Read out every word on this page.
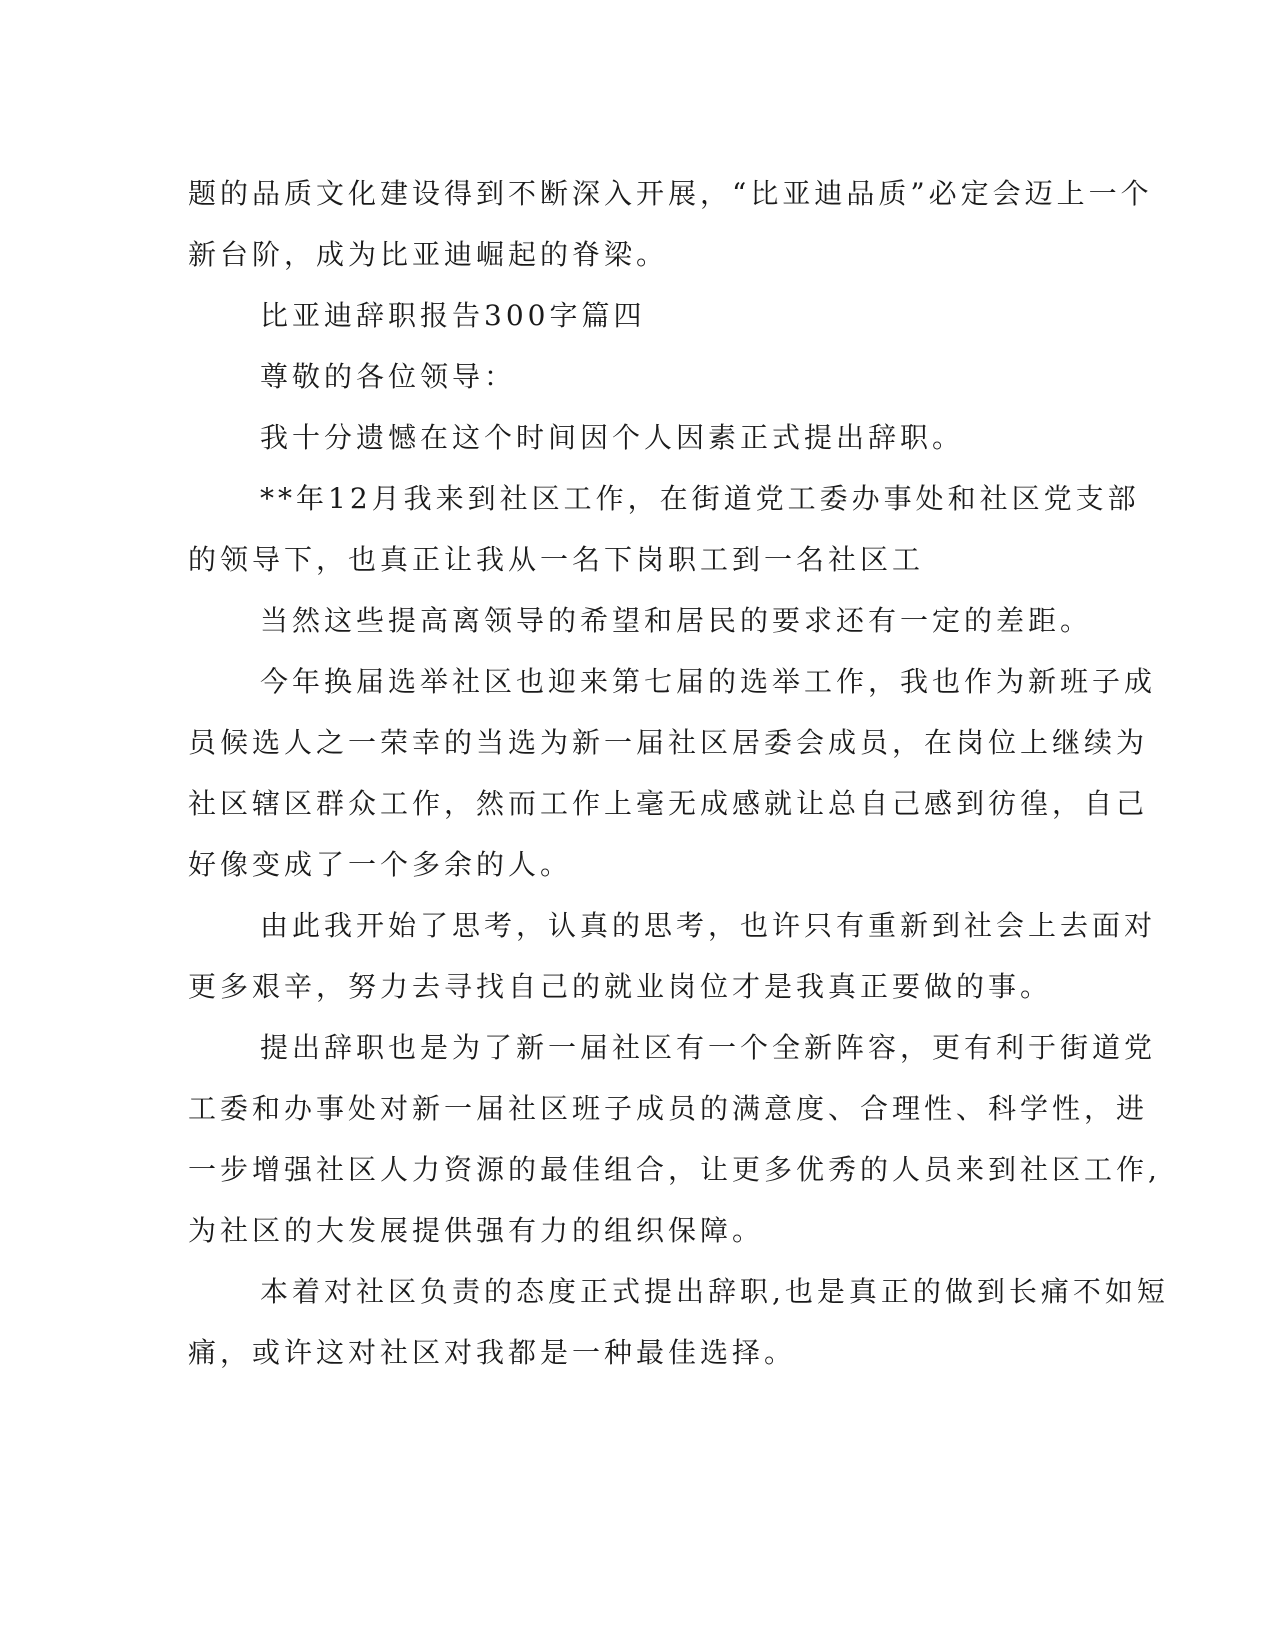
题的品质文化建设得到不断深入开展，“比亚迪品质”必定会迈上一个
新台阶，成为比亚迪崛起的脊梁。
比亚迪辞职报告300字篇四
尊敬的各位领导：
我十分遗憾在这个时间因个人因素正式提出辞职。
**年12月我来到社区工作，在街道党工委办事处和社区党支部
的领导下，也真正让我从一名下岗职工到一名社区工
当然这些提高离领导的希望和居民的要求还有一定的差距。
今年换届选举社区也迎来第七届的选举工作，我也作为新班子成
员候选人之一荣幸的当选为新一届社区居委会成员，在岗位上继续为
社区辖区群众工作，然而工作上毫无成感就让总自己感到彷徨，自己
好像变成了一个多余的人。
由此我开始了思考，认真的思考，也许只有重新到社会上去面对
更多艰辛，努力去寻找自己的就业岗位才是我真正要做的事。
提出辞职也是为了新一届社区有一个全新阵容，更有利于街道党
工委和办事处对新一届社区班子成员的满意度、合理性、科学性，进
一步增强社区人力资源的最佳组合，让更多优秀的人员来到社区工作,
为社区的大发展提供强有力的组织保障。
本着对社区负责的态度正式提出辞职,也是真正的做到长痛不如短
痛，或许这对社区对我都是一种最佳选择。
